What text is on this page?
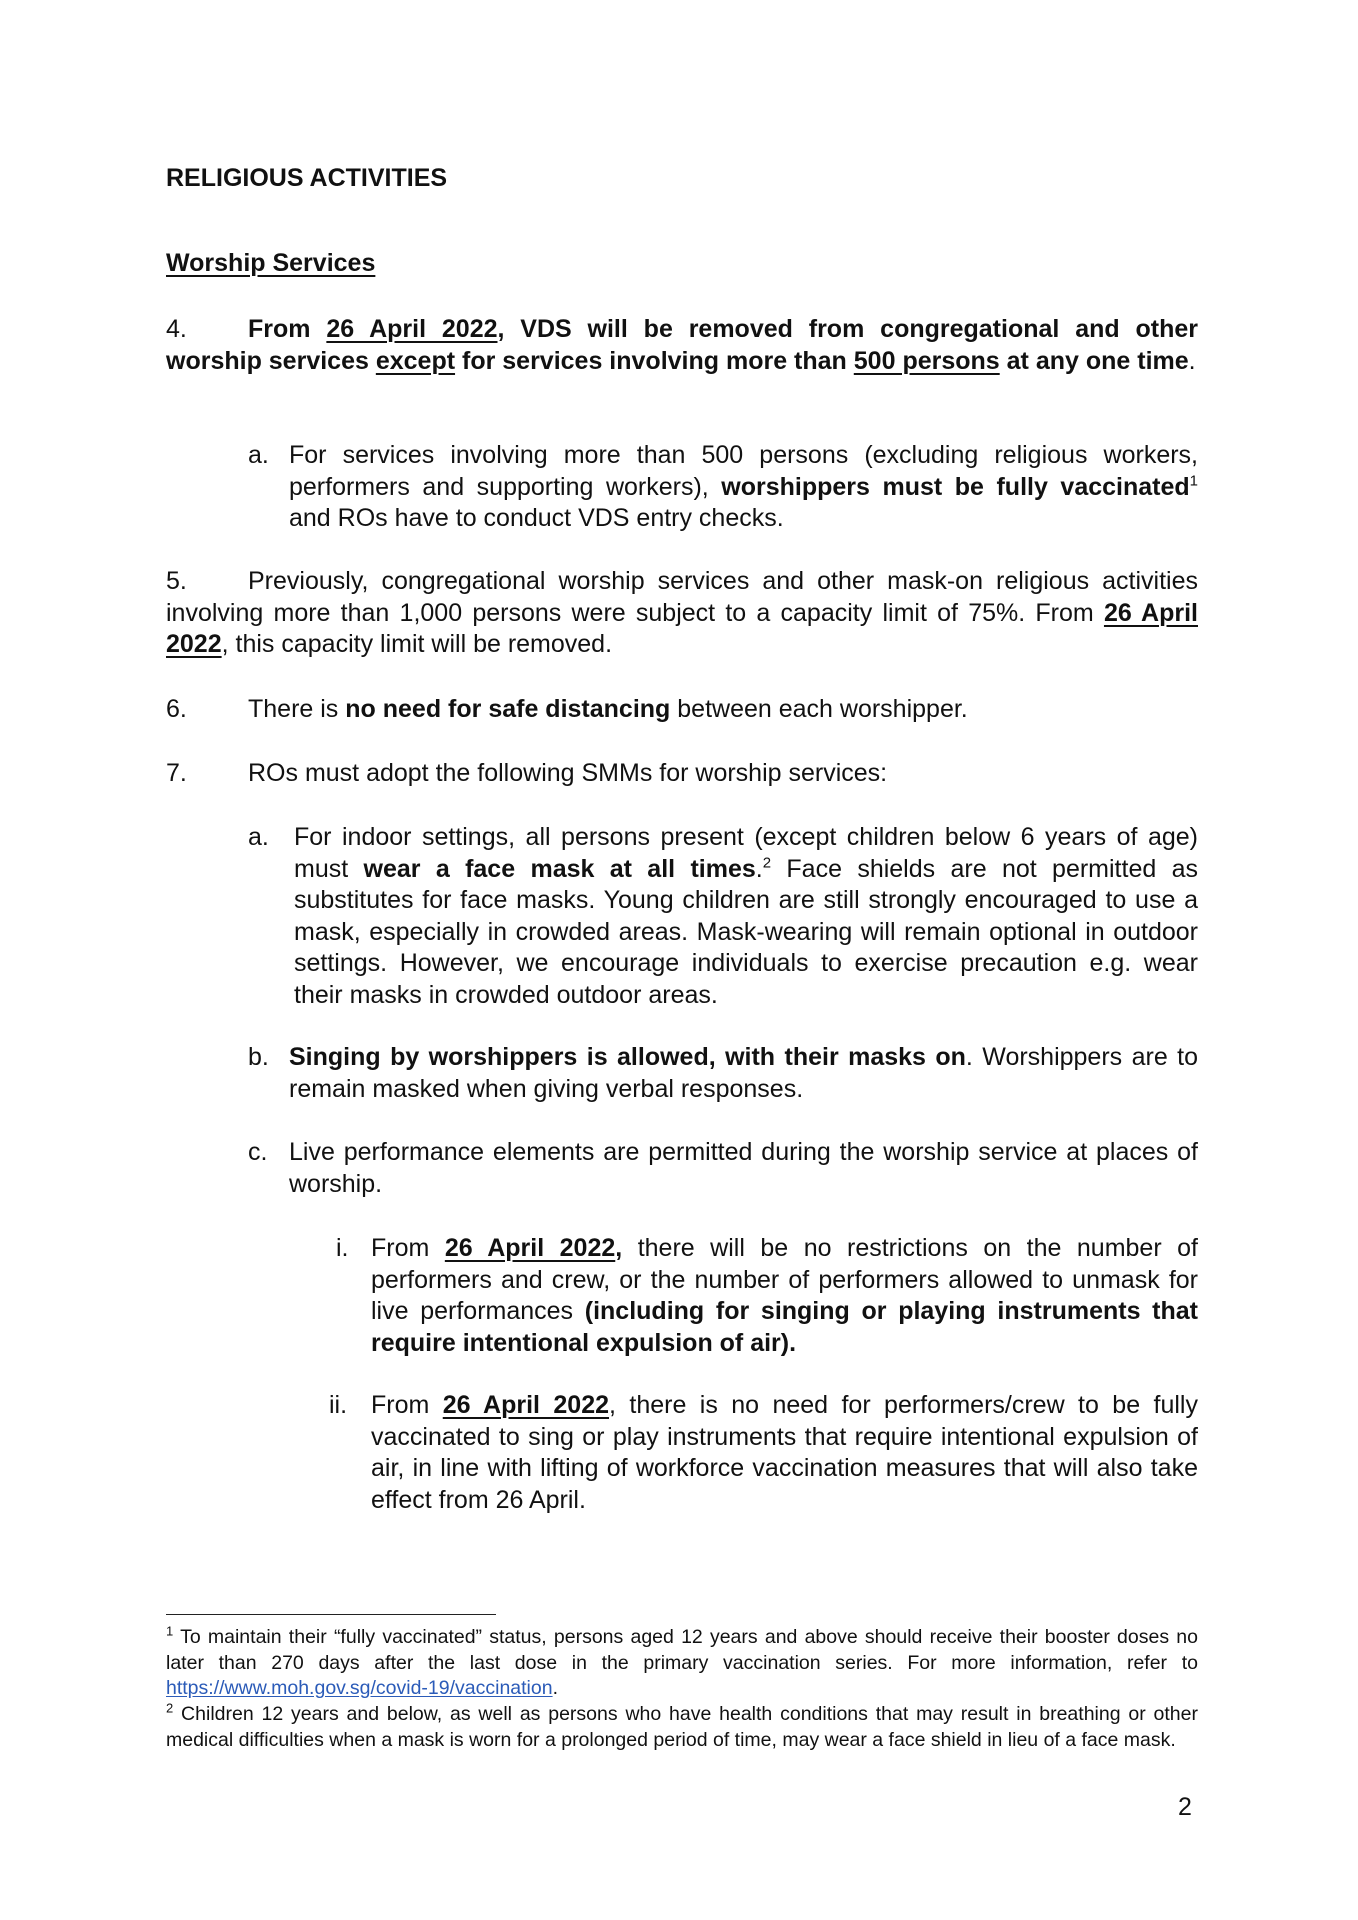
RELIGIOUS ACTIVITIES
Worship Services
4.	From 26 April 2022, VDS will be removed from congregational and other worship services except for services involving more than 500 persons at any one time.
a. For services involving more than 500 persons (excluding religious workers, performers and supporting workers), worshippers must be fully vaccinated$^1$ and ROs have to conduct VDS entry checks.
5.	Previously, congregational worship services and other mask-on religious activities involving more than 1,000 persons were subject to a capacity limit of 75%. From 26 April 2022, this capacity limit will be removed.
6. There is no need for safe distancing between each worshipper.
7. ROs must adopt the following SMMs for worship services:
a. For indoor settings, all persons present (except children below 6 years of age) must wear a face mask at all times.$^2$ Face shields are not permitted as substitutes for face masks. Young children are still strongly encouraged to use a mask, especially in crowded areas. Mask-wearing will remain optional in outdoor settings. However, we encourage individuals to exercise precaution e.g. wear their masks in crowded outdoor areas.
b. Singing by worshippers is allowed, with their masks on. Worshippers are to remain masked when giving verbal responses.
c. Live performance elements are permitted during the worship service at places of worship.
i. From 26 April 2022, there will be no restrictions on the number of performers and crew, or the number of performers allowed to unmask for live performances (including for singing or playing instruments that require intentional expulsion of air).
ii. From 26 April 2022, there is no need for performers/crew to be fully vaccinated to sing or play instruments that require intentional expulsion of air, in line with lifting of workforce vaccination measures that will also take effect from 26 April.
$^1$ To maintain their “fully vaccinated” status, persons aged 12 years and above should receive their booster doses no later than 270 days after the last dose in the primary vaccination series. For more information, refer to https://www.moh.gov.sg/covid-19/vaccination.
$^2$ Children 12 years and below, as well as persons who have health conditions that may result in breathing or other medical difficulties when a mask is worn for a prolonged period of time, may wear a face shield in lieu of a face mask.
2
